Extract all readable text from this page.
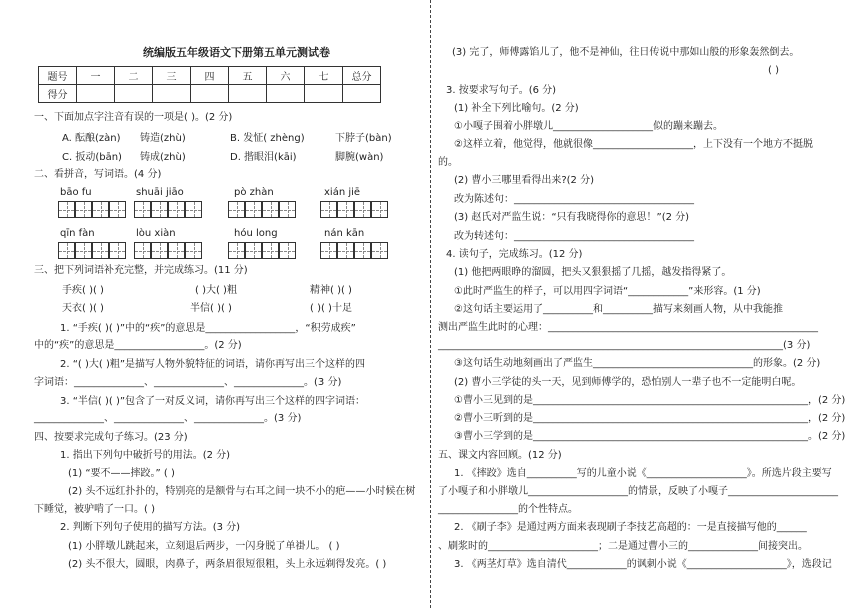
统编版五年级语文下册第五单元测试卷
题号	一	二	三	四	五	六	七	总分
得分								
一、下面加点字注音有误的一项是( )。(2 分)
A. 酝酿(zàn) 铸造(zhù)	B. 发怔( zhèng)	下脖子(bàn)
C. 扳动(bān) 铸成(zhù)	D. 揩眼泪(kāi)	脚腕(wàn)
二、看拼音，写词语。(4 分)
bāo fu	shuāi jiāo	pò zhàn	xián jiē
qīn fàn	lòu xiàn	hóu long	nán kān
三、把下列词语补充完整，并完成练习。(11 分)
手疾( )( )	( )大( )粗	精神( )( )
天衣( )( )	半信( )( )	( )( )十足
1. “手疾( )( )”中的“疾”的意思是__________________，“积劳成疾”
中的“疾”的意思是__________________。(2 分)
2. “( )大( )粗”是描写人物外貌特征的词语，请你再写出三个这样的四
字词语：______________、______________、______________。(3 分)
3. “半信( )( )”包含了一对反义词，请你再写出三个这样的四字词语：
______________、______________、______________。(3 分)
四、按要求完成句子练习。(23 分)
1. 指出下列句中破折号的用法。(2 分)
(1) “要不——摔跤。” ( )
(2) 头不远红扑扑的，特别亮的是额骨与右耳之间一块不小的疤——小时候在树
下睡觉，被驴啃了一口。( )
2. 判断下列句子使用的描写方法。(3 分)
(1) 小胖墩儿跳起来，立刻退后两步，一闪身脱了单褂儿。 ( )
(2) 头不很大，圆眼，肉鼻子，两条眉很短很粗，头上永远剃得发亮。( )
(3) 完了，师傅露馅儿了，他不是神仙，往日传说中那如山般的形象轰然倒去。
( )
3. 按要求写句子。(6 分)
(1) 补全下列比喻句。(2 分)
①小嘎子围着小胖墩儿____________________似的蹦来蹦去。
②这样立着，他觉得，他就很像____________________，上下没有一个地方不挺脱
的。
(2) 曹小三哪里看得出来?(2 分)
改为陈述句：____________________________________
(3) 赵氏对严监生说：“只有我晓得你的意思！”(2 分)
改为转述句：____________________________________
4. 读句子，完成练习。(12 分)
(1) 他把两眼睁的溜圆，把头又狠狠摇了几摇，越发指得紧了。
①此时严监生的样子，可以用四字词语“____________”来形容。(1 分)
②这句话主要运用了__________和__________描写来刻画人物，从中我能推
测出严监生此时的心理：______________________________________________________
_____________________________________________________________________(3 分)
③这句话生动地刻画出了严监生________________________________的形象。(2 分)
(2) 曹小三学徒的头一天，见到师傅学的，恐怕别人一辈子也不一定能明白呢。
①曹小三见到的是_______________________________________________________，(2 分)
②曹小三听到的是_______________________________________________________，(2 分)
③曹小三学到的是_______________________________________________________。(2 分)
五、课文内容回顾。(12 分)
1. 《摔跤》选自__________写的儿童小说《____________________》。所选片段主要写
了小嘎子和小胖墩儿____________________的情景，反映了小嘎子______________________
________________的个性特点。
2. 《刷子李》是通过两方面来表现刷子李技艺高超的：一是直接描写他的______
、刷浆时的______________________；二是通过曹小三的______________间接突出。
3. 《两茎灯草》选自清代____________的讽刺小说《____________________》，选段记
